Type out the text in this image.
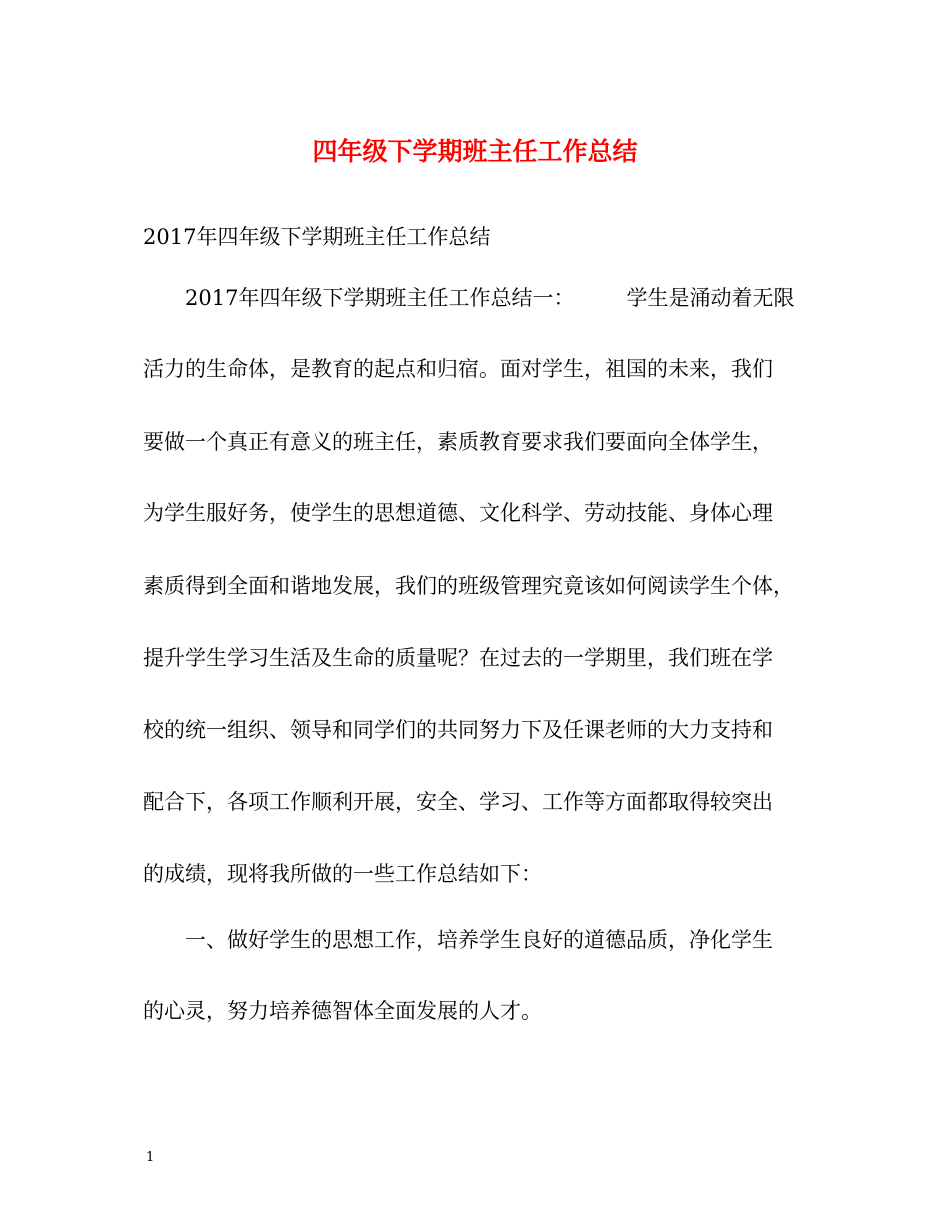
四年级下学期班主任工作总结
2017年四年级下学期班主任工作总结
2017年四年级下学期班主任工作总结一： 学生是涌动着无限
活力的生命体，是教育的起点和归宿。面对学生，祖国的未来，我们
要做一个真正有意义的班主任，素质教育要求我们要面向全体学生，
为学生服好务，使学生的思想道德、文化科学、劳动技能、身体心理
素质得到全面和谐地发展，我们的班级管理究竟该如何阅读学生个体，
提升学生学习生活及生命的质量呢？在过去的一学期里，我们班在学
校的统一组织、领导和同学们的共同努力下及任课老师的大力支持和
配合下，各项工作顺利开展，安全、学习、工作等方面都取得较突出
的成绩，现将我所做的一些工作总结如下：
一、做好学生的思想工作，培养学生良好的道德品质，净化学生
的心灵，努力培养德智体全面发展的人才。
1
